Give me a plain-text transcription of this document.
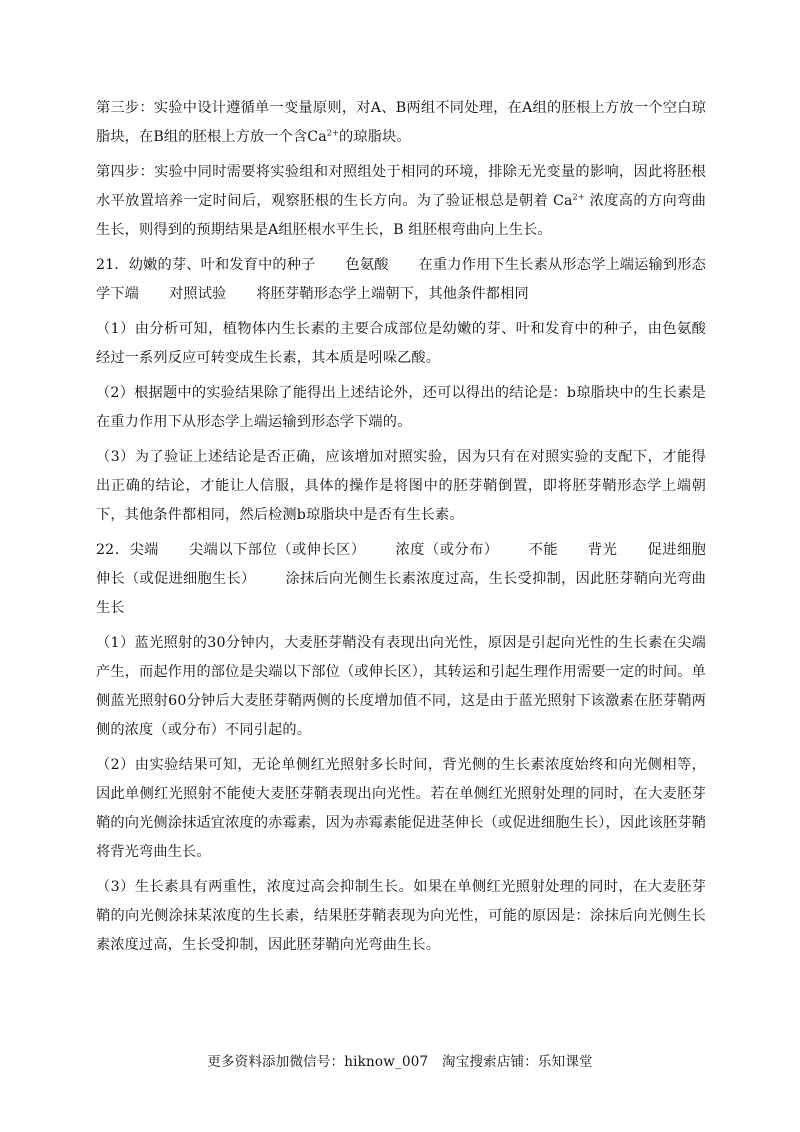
第三步：实验中设计遵循单一变量原则，对A、B两组不同处理，在A组的胚根上方放一个空白琼脂块，在B组的胚根上方放一个含$Ca^{2+}$的琼脂块。

第四步：实验中同时需要将实验组和对照组处于相同的环境，排除无光变量的影响，因此将胚根水平放置培养一定时间后，观察胚根的生长方向。为了验证根总是朝着 $Ca^{2+}$ 浓度高的方向弯曲生长，则得到的预期结果是A组胚根水平生长，B 组胚根弯曲向上生长。

21．幼嫩的芽、叶和发育中的种子 色氨酸 在重力作用下生长素从形态学上端运输到形态学下端 对照试验 将胚芽鞘形态学上端朝下，其他条件都相同

（1）由分析可知，植物体内生长素的主要合成部位是幼嫩的芽、叶和发育中的种子，由色氨酸经过一系列反应可转变成生长素，其本质是吲哚乙酸。

（2）根据题中的实验结果除了能得出上述结论外，还可以得出的结论是：b琼脂块中的生长素是在重力作用下从形态学上端运输到形态学下端的。

（3）为了验证上述结论是否正确，应该增加对照实验，因为只有在对照实验的支配下，才能得出正确的结论，才能让人信服，具体的操作是将图中的胚芽鞘倒置，即将胚芽鞘形态学上端朝下，其他条件都相同，然后检测b琼脂块中是否有生长素。

22．尖端 尖端以下部位（或伸长区） 浓度（或分布） 不能 背光 促进细胞伸长（或促进细胞生长） 涂抹后向光侧生长素浓度过高，生长受抑制，因此胚芽鞘向光弯曲生长

（1）蓝光照射的30分钟内，大麦胚芽鞘没有表现出向光性，原因是引起向光性的生长素在尖端产生，而起作用的部位是尖端以下部位（或伸长区），其转运和引起生理作用需要一定的时间。单侧蓝光照射60分钟后大麦胚芽鞘两侧的长度增加值不同，这是由于蓝光照射下该激素在胚芽鞘两侧的浓度（或分布）不同引起的。

（2）由实验结果可知，无论单侧红光照射多长时间，背光侧的生长素浓度始终和向光侧相等，因此单侧红光照射不能使大麦胚芽鞘表现出向光性。若在单侧红光照射处理的同时，在大麦胚芽鞘的向光侧涂抹适宜浓度的赤霉素，因为赤霉素能促进茎伸长（或促进细胞生长），因此该胚芽鞘将背光弯曲生长。

（3）生长素具有两重性，浓度过高会抑制生长。如果在单侧红光照射处理的同时，在大麦胚芽鞘的向光侧涂抹某浓度的生长素，结果胚芽鞘表现为向光性，可能的原因是：涂抹后向光侧生长素浓度过高，生长受抑制，因此胚芽鞘向光弯曲生长。

更多资料添加微信号：hiknow_007　淘宝搜索店铺：乐知课堂
